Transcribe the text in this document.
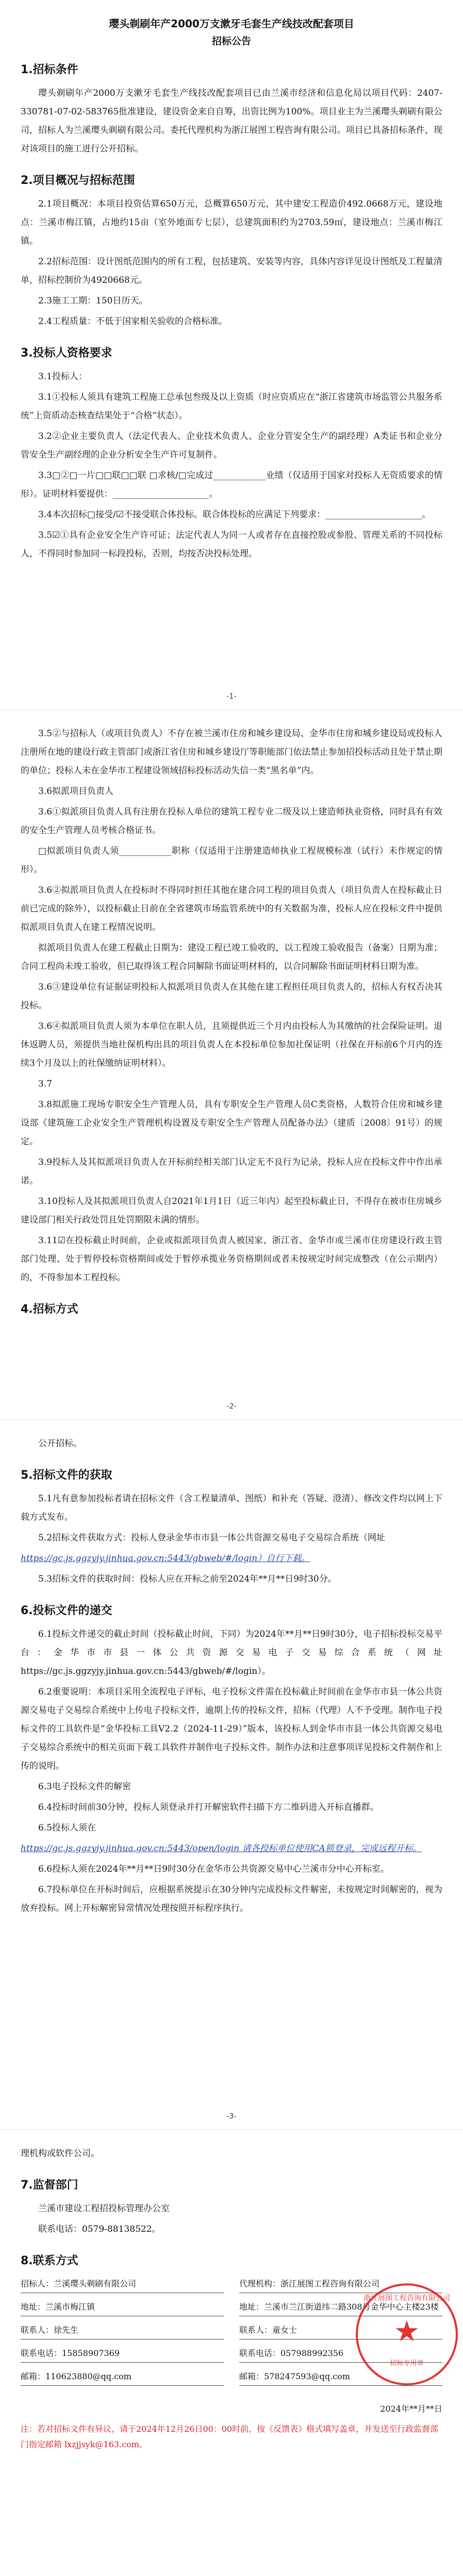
璎头剃刷年产2000万支漱牙毛套生产线技改配套项目
招标公告
1.招标条件

璎头剃刷年产2000万支漱牙毛套生产线技改配套项目已由兰溪市经济和信息化局以项目代码：2407-330781-07-02-583765批准建设，建设资金来自自筹，出资比例为100%。项目业主为兰溪璎头剃刷有限公司，招标人为兰溪璎头剃刷有限公司。委托代理机构为浙江展图工程咨询有限公司。项目已具备招标条件，现对该项目的施工进行公开招标。

2.项目概况与招标范围

2.1项目概况：本项目投资估算650万元，总概算650万元，其中建安工程造价492.0668万元，建设地点：兰溪市梅江镇，占地约15亩（室外地面专七层），总建筑面积约为2703.59㎡，建设地点：兰溪市梅江镇。

2.2招标范围：设计图纸范围内的所有工程，包括建筑、安装等内容，具体内容详见设计图纸及工程量清单，招标控制价为4920668元。

2.3施工工期：150日历天。

2.4工程质量：不低于国家相关验收的合格标准。

3.投标人资格要求

3.1投标人：

3.1①投标人须具有建筑工程施工总承包叁级及以上资质（时应资质应在“浙江省建筑市场监管公共服务系统”上资质动态核查结果处于“合格”状态）。

3.2②企业主要负责人（法定代表人、企业技术负责人、企业分管安全生产的副经理）A类证书和企业分管安全生产副经理的企业分析安全生产许可复制件。

3.3□②□一片□□联□□联 □求核/□完成过____________业绩（仅适用于国家对投标人无资质要求的情形）。证明材料要提供：______________________。

3.4本次招标□接受/☑不接受联合体投标。联合体投标的应满足下列要求：______________________。

3.5☑①具有企业安全生产许可证；法定代表人为同一人或者存在直接控股或参股、管理关系的不同投标人，不得同时参加同一标段投标，否则，均按否决投标处理。

-1-

3.5②与招标人（或项目负责人）不存在被兰溪市住房和城乡建设局、金华市住房和城乡建设局或投标人注册所在地的建设行政主管部门或浙江省住房和城乡建设厅等职能部门依法禁止参加招投标活动且处于禁止期的单位；投标人未在金华市工程建设领域招标投标活动失信一类“黑名单”内。

3.6拟派项目负责人

3.6①拟派项目负责人具有注册在投标人单位的建筑工程专业二级及以上建造师执业资格，同时具有有效的安全生产管理人员考核合格证书。

□拟派项目负责人须____________职称（仅适用于注册建造师执业工程规模标准（试行）未作规定的情形）。

3.6②拟派项目负责人在投标时不得同时担任其他在建合同工程的项目负责人（项目负责人在投标截止日前已完成的除外），以投标截止日前在全省建筑市场监管系统中的有关数据为准，投标人应在投标文件中提供拟派项目负责人在建工程情况说明。

拟派项目负责人在建工程截止日期为：建设工程已竣工验收的，以工程竣工验收报告（备案）日期为准；合同工程尚未竣工验收，但已取得该工程合同解除书面证明材料的，以合同解除书面证明材料日期为准。

3.6③建设单位有证据证明投标人拟派项目负责人在其他在建工程担任项目负责人的，招标人有权否决其投标。

3.6④拟派项目负责人须为本单位在职人员，且须提供近三个月内由投标人为其缴纳的社会保险证明。退休返聘人员，须提供当地社保机构出具的项目负责人在本投标单位参加社保证明（社保在开标前6个月内的连续3个月及以上的社保缴纳证明材料）。

3.7

3.8拟派施工现场专职安全生产管理人员，具有专职安全生产管理人员C类资格，人数符合住房和城乡建设部《建筑施工企业安全生产管理机构设置及专职安全生产管理人员配备办法》（建质〔2008〕91号）的规定。

3.9投标人及其拟派项目负责人在开标前经相关部门认定无不良行为记录，投标人应在投标文件中作出承诺。

3.10投标人及其拟派项目负责人自2021年1月1日（近三年内）起至投标截止日，不得存在被市住房城乡建设部门相关行政处罚且处罚期限未满的情形。

3.11☑在投标截止时间前，企业或拟派项目负责人被国家、浙江省、金华市或兰溪市住房建设行政主管部门处理、处于暂停投标资格期间或处于暂停承揽业务资格期间或者未按规定时间完成整改（在公示期内）的，不得参加本工程投标。

4.招标方式
-2-

公开招标。

5.招标文件的获取

5.1凡有意参加投标者请在招标文件（含工程量清单、图纸）和补充（答疑、澄清）、修改文件均以网上下载方式发布。

5.2招标文件获取方式：投标人登录金华市市县一体公共资源交易电子交易综合系统（网址

https://gc.js.ggzyjy.jinhua.gov.cn:5443/gbweb/#/login）自行下载。

5.3招标文件的获取时间：投标人应在开标之前至2024年**月**日9时30分。

6.投标文件的递交

6.1投标文件递交的截止时间（投标截止时间，下同）为2024年**月**日9时30分，电子招标投标交易平台：金华市市县一体公共资源交易电子交易综合系统（网址https://gc.js.ggzyjy.jinhua.gov.cn:5443/gbweb/#/login）。

6.2重要说明：本项目采用全流程电子评标，电子投标文件需在投标截止时间前在金华市市县一体公共资源交易电子交易综合系统中上传电子投标文件，逾期上传的投标文件，招标（代理）人不予受理。制作电子投标文件的工具软件是“金华投标工具V2.2（2024-11-29）”版本，该投标人到金华市市县一体公共资源交易电子交易综合系统中的相关页面下载工具软件并制作电子投标文件。制作办法和注意事项详见投标文件制作和上传的说明。

6.3电子投标文件的解密

6.4投标时间前30分钟，投标人须登录并打开解密软件扫描下方二维码进入开标直播群。

6.5投标人须在

https://gc.js.ggzyjy.jinhua.gov.cn:5443/open/login 请各投标单位使用CA锁登录，完成远程开标。

6.6投标人须在2024年**月**日9时30分在金华市公共资源交易中心兰溪市分中心开标室。

6.7投标单位在开标时间后，应根据系统提示在30分钟内完成投标文件解密，未按规定时间解密的，视为放弃投标。网上开标解密异常情况处理按照开标程序执行。

-3-

理机构或软件公司。

7.监督部门

兰溪市建设工程招投标管理办公室

联系电话：0579-88138522。

8.联系方式
招标人：兰溪璎头剃刷有限公司
地址：兰溪市梅江镇
联系人：徐先生
联系电话：15858907369
邮箱：110623880@qq.com
代理机构：浙江展图工程咨询有限公司
地址：兰溪市兰江街道纬二路308号金华中心主楼23楼
联系人：童女士
联系电话：057988992356
邮箱：578247593@qq.com
浙江展图工程咨询有限公司
★
招标专用章
2024年**月**日
注：若对招标文件有异议，请于2024年12月26日00：00时前，按《反馈表》格式填写盖章，并发送至行政监督部门指定邮箱 lxzjjsyk@163.com。
